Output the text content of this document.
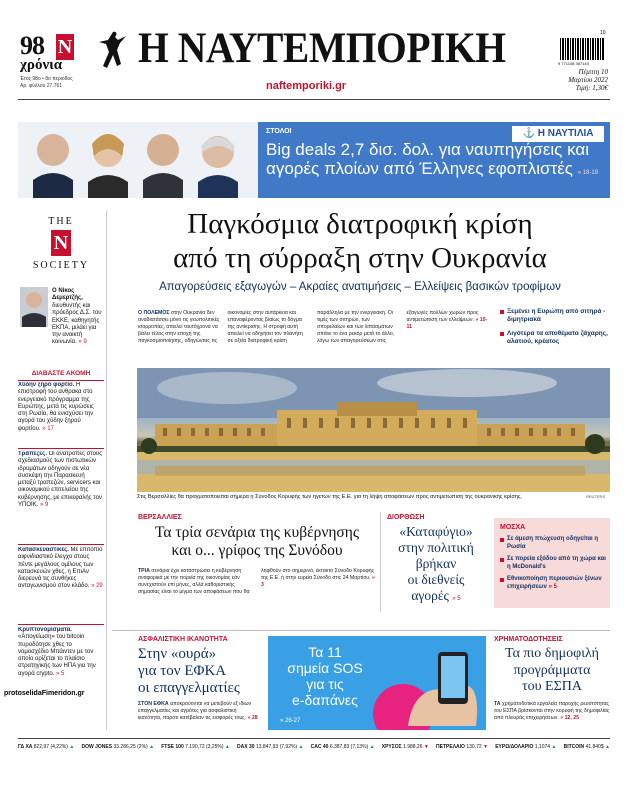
98 N
χρόνια
Έτος 98ο • 8ο περιόδος
Αρ. φύλλου 27.761
Η ΝΑΥΤΕΜΠΟΡΙΚΗ
naftemporiki.gr
10
9 771108 367145
Πέμπτη 10
Μαρτίου 2022
Τιμή: 1,30€
ΣΤΟΛΟΙ	⚓ Η ΝΑΥΤΙΛΙΑ
Big deals 2,7 δισ. δολ. για ναυπηγήσεις και αγορές πλοίων από Έλληνες εφοπλιστές » 18-19
THE
N
SOCIETY
Ο Νίκος Δεμερτζής,
διευθυντής και πρόεδρος Δ.Σ. του ΕΚΚΕ, καθηγητής ΕΚΠΑ, μιλάει για την ανοικτή κοινωνία. » 9
ΔΙΑΒΑΣΤΕ ΑΚΟΜΗ
Χύδην ξηρό φορτίο. Η επιστροφή του ανθρακα στο ενεργειακό πρόγραμμα της Ευρώπης, μετά τις κυρώσεις στη Ρωσία, θα ενισχύσει την αγορά του χύδην ξηρού φορτίου. » 17
Τράπεζες. Οι ανατροπές στους σχεδιασμούς των πιστωτικών ιδρυμάτων οδηγούν σε νέα συσκέψη την Παρασκευή μεταξύ τραπεζών, servicers και οικονομικού επιτελείου της κυβέρνησης, με επικεφαλής τον ΥΠΟΙΚ. » 9
Κατασκευαστικές. Με επιτόπιο αιφνιδιαστικό έλεγχο στους πέντε μεγάλους ομίλους των κατασκευών χθες, η ΕπιΑν διερευνά τις συνθήκες ανταγωνισμού στον κλάδο. » 29
Κρυπτονομίσματα. «Απογείωση» του bitcoin πυροδότησε χθες το νομοσχέδιο Μπάιντεν με τον οποίο ορίζεται το πλαίσιο στρατηγικής των ΗΠΑ για την αγορά crypto. » 5
Παγκόσμια διατροφική κρίση
από τη σύρραξη στην Ουκρανία
Απαγορεύσεις εξαγωγών – Ακραίες ανατιμήσεις – Ελλείψεις βασικών τροφίμων
Ο ΠΟΛΕΜΟΣ στην Ουκρανία δεν αναδιατάσσει μόνο τις γεωπολιτικές ισορροπίες, απειλεί ταυτόχρονα να βάλει τέλος στην εποχή της παγκοσμιοποίησης, οδηγώντας τις οικονομίες στην αυτάρκεια και επαναφέροντας βιαίως το δόγμα της αντίκρισης. Η στροφή αυτή απειλεί να οδηγήσει τον πλανήτη σε οξεία διατροφική κρίση παράλληλα με την ενεργειακή. Οι τιμές των σιτηρών, των σπορελαίων και των λιπασμάτων σπάνε το ένα ρεκόρ μετά το άλλο, λόγω των απαγορεύσεων στις εξαγωγές πολλών χωρών προς αντιμετώπιση των ελλείψεων. » 10-11
Ξεμένει η Ευρώπη από σιτηρά - διμητριακά
Λιγότερα τα αποθέματα ζάχαρης, αλατιού, κρέατος
Στις Βερσαλλίες θα πραγματοποιείται σήμερα η Σύνοδος Κορυφής των ηγετών της Ε.Ε. για τη λήψη αποφάσεων προς αντιμετώπιση της ουκρανικής κρίσης.	REUTERS
ΒΕΡΣΑΛΛΙΕΣ
Τα τρία σενάρια της κυβέρνησης
και ο... γρίφος της Συνόδου
ΤΡΙΑ σενάρια έχει καταστρώσει η κυβέρνηση αναφορικά με την πορεία της οικονομίας εάν συνεχιστούν επί μήνες, αλλά καθοριστικής σημασίας είναι το μίγμα των αποφάσεων που θα ληφθούν στο σημερινό, έκτακτο Σύνοδο Κορυφής της Ε.Ε. ή στην ευρεία Σύνοδο στις 24 Μαρτίου. » 3
ΔΙΟΡΘΩΣΗ
«Καταφύγιο»
στην πολιτική
βρήκαν
οι διεθνείς
αγορές » 5
ΜΟΣΧΑ
Σε άμεση πτώχευση οδηγείται η Ρωσία
Σε πορεία εξόδου από τη χώρα και η McDonald's
Εθνικοποίηση περιουσιών ξένων επιχειρήσεων » 5
ΑΣΦΑΛΙΣΤΙΚΗ ΙΚΑΝΟΤΗΤΑ
Στην «ουρά»
για τον ΕΦΚΑ
οι επαγγελματίες
ΣΤΟΝ ΕΦΚΑ αποκρούονται να μετεβούν εξ ιδίων επαγγελματίες και αγρότες για ασφαλιστική ικανότητα, παρότι κατέβαλαν τις εισφορές τους. » 28
Τα 11
σημεία SOS
για τις
e-δαπάνες
» 26-27
ΧΡΗΜΑΤΟΔΟΤΗΣΕΙΣ
Τα πιο δημοφιλή
προγράμματα
του ΕΣΠΑ
ΤΑ χρηματοδοτικά εργαλεία παροχής ρευστότητας του ΕΣΠΑ βρίσκονται στην κορυφή της δημοφιλίας από πλευράς επιχειρήσεων. » 12, 25
protoselidaFimeridon.gr
ΓΔ ΧΑ 822,97 (4,22%) ▲ DOW JONES 33.286,25 (2%) ▲ FTSE 100 7.190,72 (3,25%) ▲ DAX 30 13.847,93 (7,92%) ▲ CAC 40 6.387,83 (7,13%) ▲ ΧΡΥΣΟΣ 1.988,26 ▼ ΠΕΤΡΕΛΑΙΟ 130,72 ▼ ΕΥΡΩ/ΔΟΛΑΡΙΟ 1,1074 ▲ BITCOIN 41.840$ ▲
